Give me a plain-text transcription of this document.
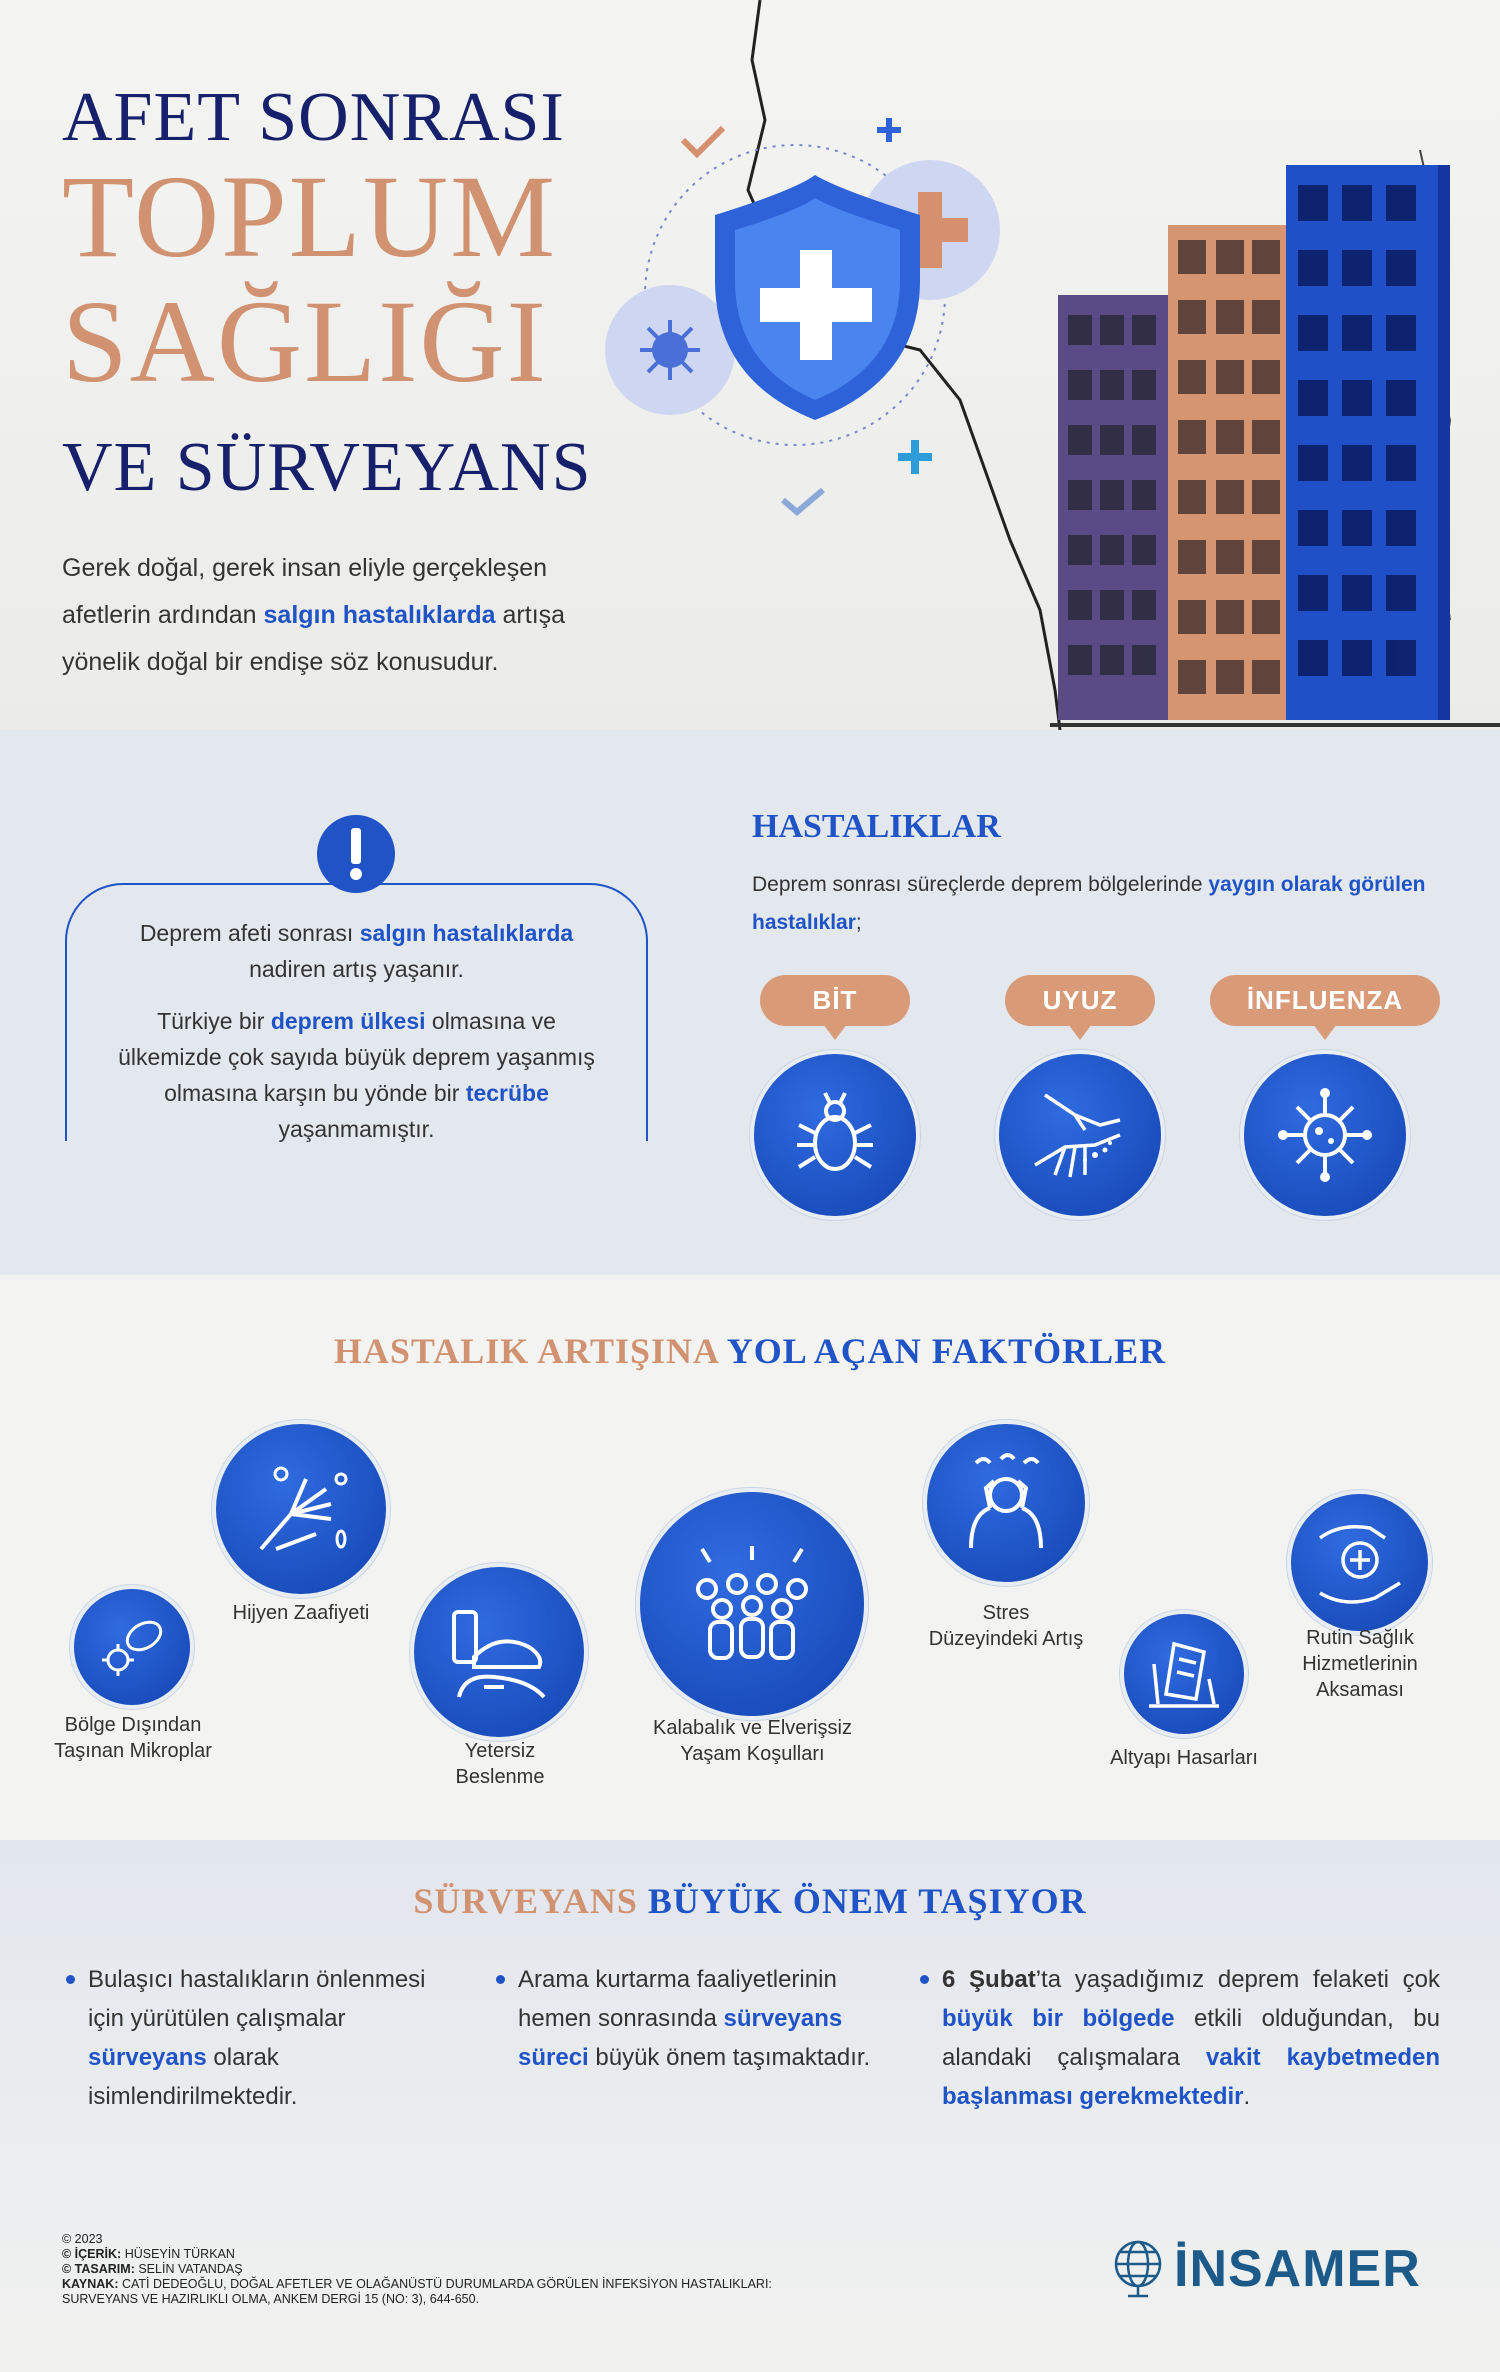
AFET SONRASI
TOPLUM
SAĞLIĞI
VE SÜRVEYANS
Gerek doğal, gerek insan eliyle gerçekleşen afetlerin ardından salgın hastalıklarda artışa yönelik doğal bir endişe söz konusudur.

Deprem afeti sonrası salgın hastalıklarda nadiren artış yaşanır.

Türkiye bir deprem ülkesi olmasına ve ülkemizde çok sayıda büyük deprem yaşanmış olmasına karşın bu yönde bir tecrübe yaşanmamıştır.

HASTALIKLAR
Deprem sonrası süreçlerde deprem bölgelerinde yaygın olarak görülen hastalıklar;
BİT	UYUZ	İNFLUENZA
HASTALIK ARTIŞINA YOL AÇAN FAKTÖRLER
Bölge Dışından Taşınan Mikroplar
Hijyen Zaafiyeti
Yetersiz Beslenme
Kalabalık ve Elverişsiz Yaşam Koşulları
Stres Düzeyindeki Artış
Altyapı Hasarları
Rutin Sağlık Hizmetlerinin Aksaması
SÜRVEYANS BÜYÜK ÖNEM TAŞIYOR
Bulaşıcı hastalıkların önlenmesi için yürütülen çalışmalar sürveyans olarak isimlendirilmektedir.
Arama kurtarma faaliyetlerinin hemen sonrasında sürveyans süreci büyük önem taşımaktadır.
6 Şubat’ta yaşadığımız deprem felaketi çok büyük bir bölgede etkili olduğundan, bu alandaki çalışmalara vakit kaybetmeden başlanması gerekmektedir.
© 2023
© İÇERİK: HÜSEYİN TÜRKAN
© TASARIM: SELİN VATANDAŞ
KAYNAK: CATİ DEDEOĞLU, DOĞAL AFETLER VE OLAĞANÜSTÜ DURUMLARDA GÖRÜLEN İNFEKSİYON HASTALIKLARI: SURVEYANS VE HAZIRLIKLI OLMA, ANKEM DERGİ 15 (NO: 3), 644-650.
İNSAMER
